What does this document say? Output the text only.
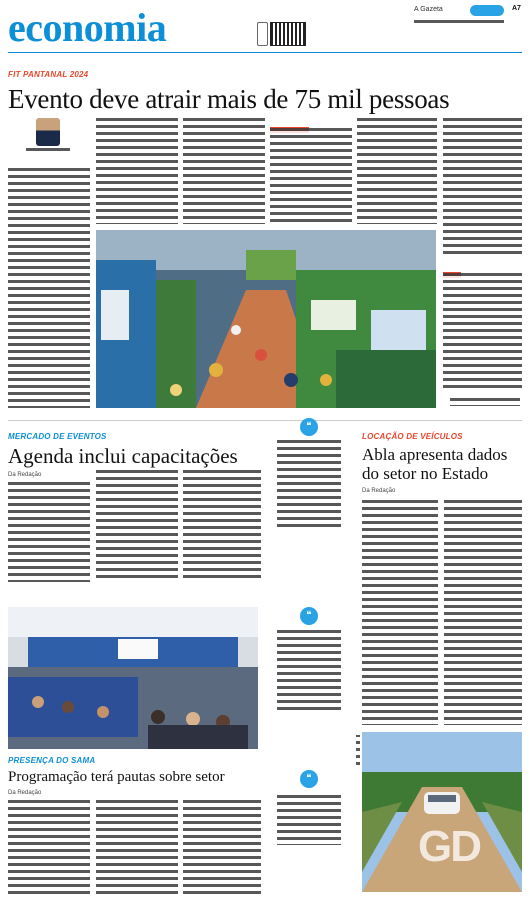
economia	A Gazeta	A7
FIT PANTANAL 2024
Evento deve atrair mais de 75 mil pessoas

MERCADO DE EVENTOS
Agenda inclui capacitações
Da Redação
❝
❝
❝
LOCAÇÃO DE VEÍCULOS
Abla apresenta dados
do setor no Estado
Da Redação
PRESENÇA DO SAMA
Programação terá pautas sobre setor
Da Redação
GD
